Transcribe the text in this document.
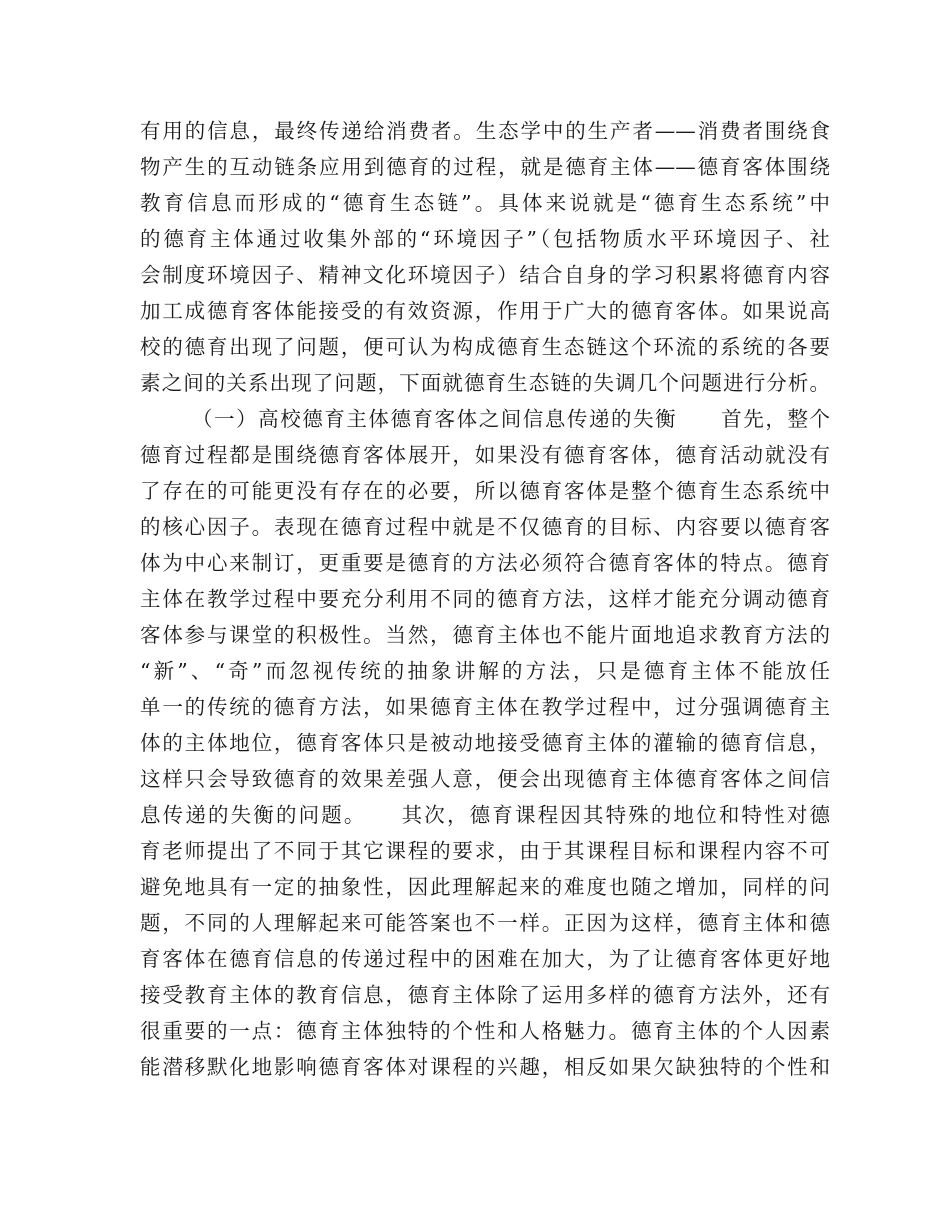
有用的信息，最终传递给消费者。生态学中的生产者——消费者围绕食
物产生的互动链条应用到德育的过程，就是德育主体——德育客体围绕
教育信息而形成的“德育生态链”。具体来说就是“德育生态系统”中
的德育主体通过收集外部的“环境因子”（包括物质水平环境因子、社
会制度环境因子、精神文化环境因子）结合自身的学习积累将德育内容
加工成德育客体能接受的有效资源，作用于广大的德育客体。如果说高
校的德育出现了问题，便可认为构成德育生态链这个环流的系统的各要
素之间的关系出现了问题，下面就德育生态链的失调几个问题进行分析。
（一）高校德育主体德育客体之间信息传递的失衡　　首先，整个
德育过程都是围绕德育客体展开，如果没有德育客体，德育活动就没有
了存在的可能更没有存在的必要，所以德育客体是整个德育生态系统中
的核心因子。表现在德育过程中就是不仅德育的目标、内容要以德育客
体为中心来制订，更重要是德育的方法必须符合德育客体的特点。德育
主体在教学过程中要充分利用不同的德育方法，这样才能充分调动德育
客体参与课堂的积极性。当然，德育主体也不能片面地追求教育方法的
“新”、“奇”而忽视传统的抽象讲解的方法，只是德育主体不能放任
单一的传统的德育方法，如果德育主体在教学过程中，过分强调德育主
体的主体地位，德育客体只是被动地接受德育主体的灌输的德育信息，
这样只会导致德育的效果差强人意，便会出现德育主体德育客体之间信
息传递的失衡的问题。　　其次，德育课程因其特殊的地位和特性对德
育老师提出了不同于其它课程的要求，由于其课程目标和课程内容不可
避免地具有一定的抽象性，因此理解起来的难度也随之增加，同样的问
题，不同的人理解起来可能答案也不一样。正因为这样，德育主体和德
育客体在德育信息的传递过程中的困难在加大，为了让德育客体更好地
接受教育主体的教育信息，德育主体除了运用多样的德育方法外，还有
很重要的一点：德育主体独特的个性和人格魅力。德育主体的个人因素
能潜移默化地影响德育客体对课程的兴趣，相反如果欠缺独特的个性和
